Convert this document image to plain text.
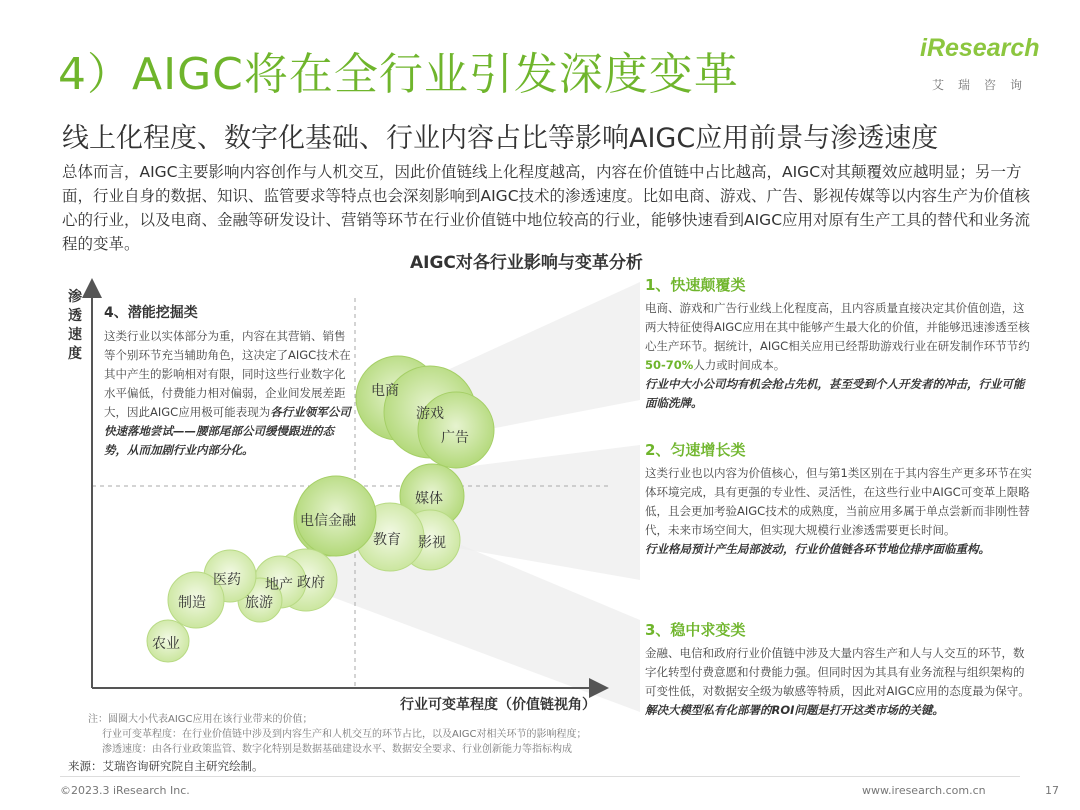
4）AIGC将在全行业引发深度变革
线上化程度、数字化基础、行业内容占比等影响AIGC应用前景与渗透速度
iResearch
艾瑞咨询
总体而言，AIGC主要影响内容创作与人机交互，因此价值链线上化程度越高，内容在价值链中占比越高，AIGC对其颠覆效应越明显；另一方面，行业自身的数据、知识、监管要求等特点也会深刻影响到AIGC技术的渗透速度。比如电商、游戏、广告、影视传媒等以内容生产为价值核心的行业，以及电商、金融等研发设计、营销等环节在行业价值链中地位较高的行业，能够快速看到AIGC应用对原有生产工具的替代和业务流程的变革。
电商
游戏
广告
媒体
教育 影视
电信金融
政府
地产
医药
旅游
制造
农业
AIGC对各行业影响与变革分析
渗透速度
行业可变革程度（价值链视角）
4、潜能挖掘类
这类行业以实体部分为重，内容在其营销、销售等个别环节充当辅助角色，这决定了AIGC技术在其中产生的影响相对有限，同时这些行业数字化水平偏低，付费能力相对偏弱，企业间发展差距大，因此AIGC应用极可能表现为各行业领军公司快速落地尝试——腰部尾部公司缓慢跟进的态势，从而加剧行业内部分化。
1、快速颠覆类
电商、游戏和广告行业线上化程度高，且内容质量直接决定其价值创造，这两大特征使得AIGC应用在其中能够产生最大化的价值，并能够迅速渗透至核心生产环节。据统计，AIGC相关应用已经帮助游戏行业在研发制作环节节约50-70%人力或时间成本。
行业中大小公司均有机会抢占先机，甚至受到个人开发者的冲击，行业可能面临洗牌。
2、匀速增长类
这类行业也以内容为价值核心，但与第1类区别在于其内容生产更多环节在实体环境完成，具有更强的专业性、灵活性，在这些行业中AIGC可变革上限略低，且会更加考验AIGC技术的成熟度，当前应用多属于单点尝新而非刚性替代，未来市场空间大，但实现大规模行业渗透需要更长时间。
行业格局预计产生局部波动，行业价值链各环节地位排序面临重构。
3、稳中求变类
金融、电信和政府行业价值链中涉及大量内容生产和人与人交互的环节，数字化转型付费意愿和付费能力强。但同时因为其具有业务流程与组织架构的可变性低，对数据安全级为敏感等特质，因此对AIGC应用的态度最为保守。解决大模型私有化部署的ROI问题是打开这类市场的关键。
注：圆圈大小代表AIGC应用在该行业带来的价值；
行业可变革程度：在行业价值链中涉及到内容生产和人机交互的环节占比，以及AIGC对相关环节的影响程度；
渗透速度：由各行业政策监管、数字化特别是数据基础建设水平、数据安全要求、行业创新能力等指标构成
来源：艾瑞咨询研究院自主研究绘制。
©2023.3 iResearch Inc.	www.iresearch.com.cn	17
